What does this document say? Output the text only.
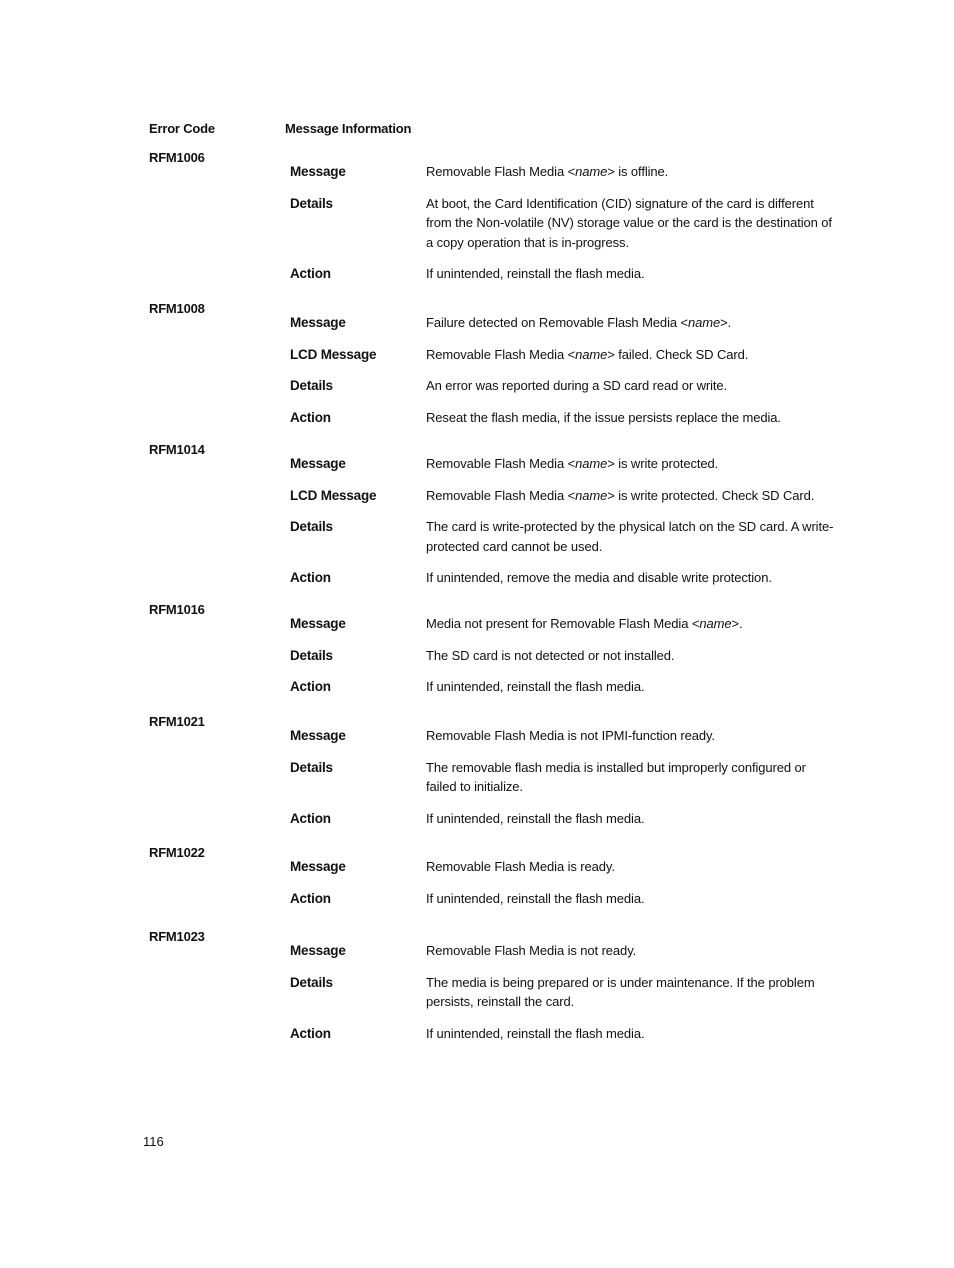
Error Code	Message Information
RFM1006
Message	Removable Flash Media <name> is offline.
Details	At boot, the Card Identification (CID) signature of the card is different from the Non-volatile (NV) storage value or the card is the destination of a copy operation that is in-progress.
Action	If unintended, reinstall the flash media.
RFM1008
Message	Failure detected on Removable Flash Media <name>.
LCD Message	Removable Flash Media <name> failed. Check SD Card.
Details	An error was reported during a SD card read or write.
Action	Reseat the flash media, if the issue persists replace the media.
RFM1014
Message	Removable Flash Media <name> is write protected.
LCD Message	Removable Flash Media <name> is write protected. Check SD Card.
Details	The card is write-protected by the physical latch on the SD card. A write-protected card cannot be used.
Action	If unintended, remove the media and disable write protection.
RFM1016
Message	Media not present for Removable Flash Media <name>.
Details	The SD card is not detected or not installed.
Action	If unintended, reinstall the flash media.
RFM1021
Message	Removable Flash Media is not IPMI-function ready.
Details	The removable flash media is installed but improperly configured or failed to initialize.
Action	If unintended, reinstall the flash media.
RFM1022
Message	Removable Flash Media is ready.
Action	If unintended, reinstall the flash media.
RFM1023
Message	Removable Flash Media is not ready.
Details	The media is being prepared or is under maintenance. If the problem persists, reinstall the card.
Action	If unintended, reinstall the flash media.
116
